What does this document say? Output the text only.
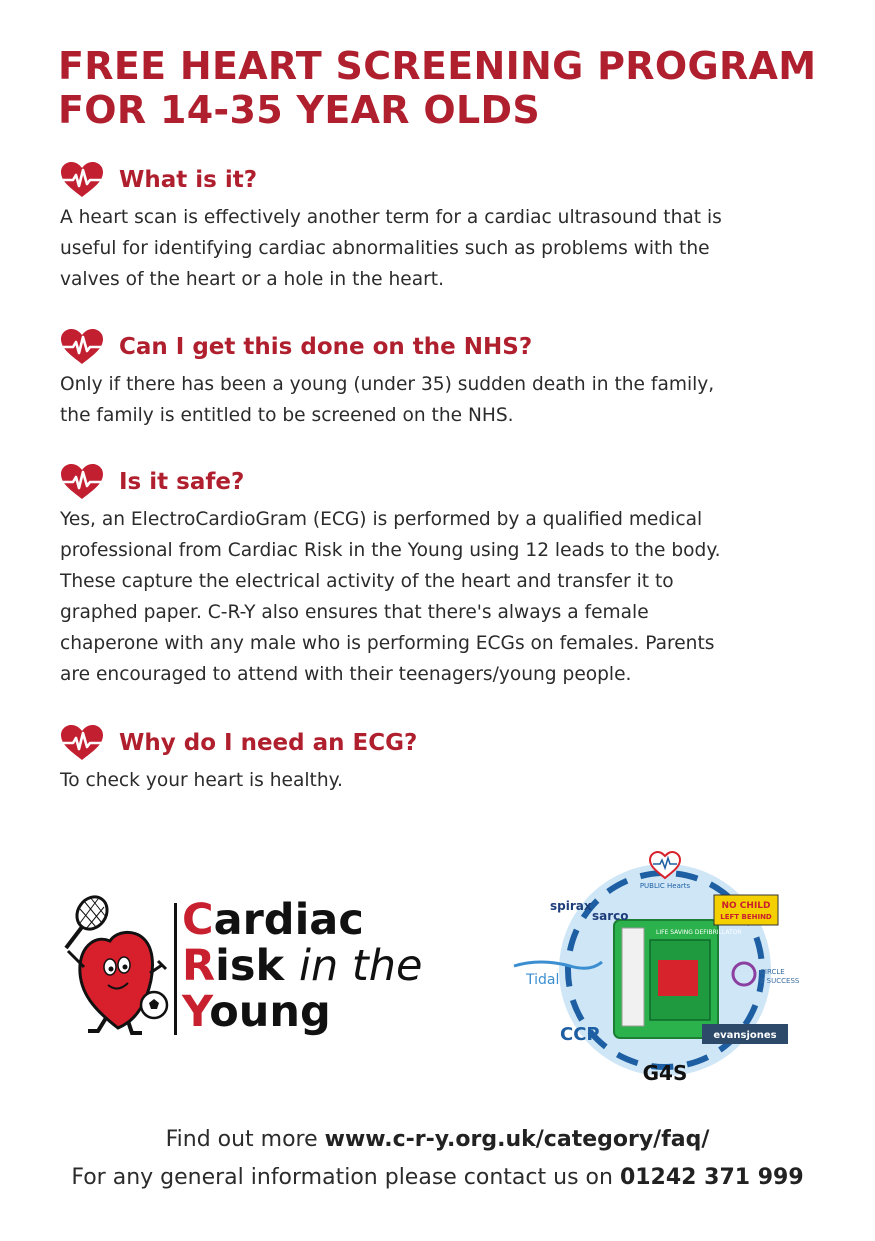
FREE HEART SCREENING PROGRAM
FOR 14-35 YEAR OLDS
What is it?
A heart scan is effectively another term for a cardiac ultrasound that is
useful for identifying cardiac abnormalities such as problems with the
valves of the heart or a hole in the heart.
Can I get this done on the NHS?
Only if there has been a young (under 35) sudden death in the family,
the family is entitled to be screened on the NHS.
Is it safe?
Yes, an ElectroCardioGram (ECG) is performed by a qualified medical
professional from Cardiac Risk in the Young using 12 leads to the body.
These capture the electrical activity of the heart and transfer it to
graphed paper. C-R-Y also ensures that there's always a female
chaperone with any male who is performing ECGs on females. Parents
are encouraged to attend with their teenagers/young people.
Why do I need an ECG?
To check your heart is healthy.
Cardiac
Risk in the
Young
LIFE SAVING DEFIBRILLATOR
PUBLIC Hearts
spirax
sarco
NO CHILD
LEFT BEHIND
Tidal	CIRCLE
2 SUCCESS
evansjones
CCP
G4S
Find out more www.c-r-y.org.uk/category/faq/
For any general information please contact us on 01242 371 999
